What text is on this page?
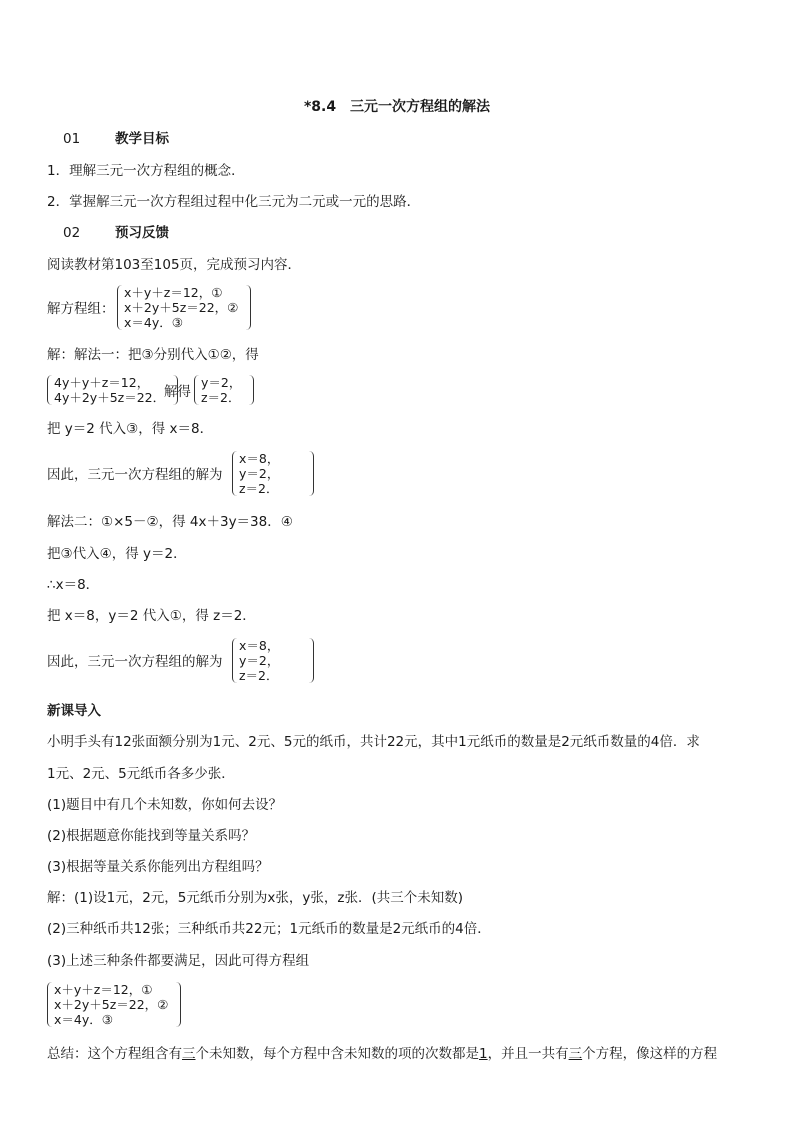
*8.4　三元一次方程组的解法
01	教学目标
1．理解三元一次方程组的概念．
2．掌握解三元一次方程组过程中化三元为二元或一元的思路．
02	预习反馈
阅读教材第103至105页，完成预习内容．
解方程组：
x＋y＋z＝12，①
x＋2y＋5z＝22，②
x＝4y．③
解：解法一：把③分别代入①②，得
4y＋y＋z＝12，
4y＋2y＋5z＝22．
解得
y＝2，
z＝2．
把 y＝2 代入③，得 x＝8．
因此，三元一次方程组的解为
x＝8，
y＝2，
z＝2．
解法二：①×5－②，得 4x＋3y＝38．④
把③代入④，得 y＝2．
∴x＝8．
把 x＝8，y＝2 代入①，得 z＝2．
因此，三元一次方程组的解为
x＝8，
y＝2，
z＝2．
新课导入
小明手头有12张面额分别为1元、2元、5元的纸币，共计22元，其中1元纸币的数量是2元纸币数量的4倍．求
1元、2元、5元纸币各多少张．
(1)题目中有几个未知数，你如何去设？
(2)根据题意你能找到等量关系吗？
(3)根据等量关系你能列出方程组吗？
解：(1)设1元，2元，5元纸币分别为x张，y张，z张．(共三个未知数)
(2)三种纸币共12张；三种纸币共22元；1元纸币的数量是2元纸币的4倍．
(3)上述三种条件都要满足，因此可得方程组
x＋y＋z＝12，①
x＋2y＋5z＝22，②
x＝4y．③
总结：这个方程组含有三个未知数，每个方程中含未知数的项的次数都是1，并且一共有三个方程，像这样的方程
